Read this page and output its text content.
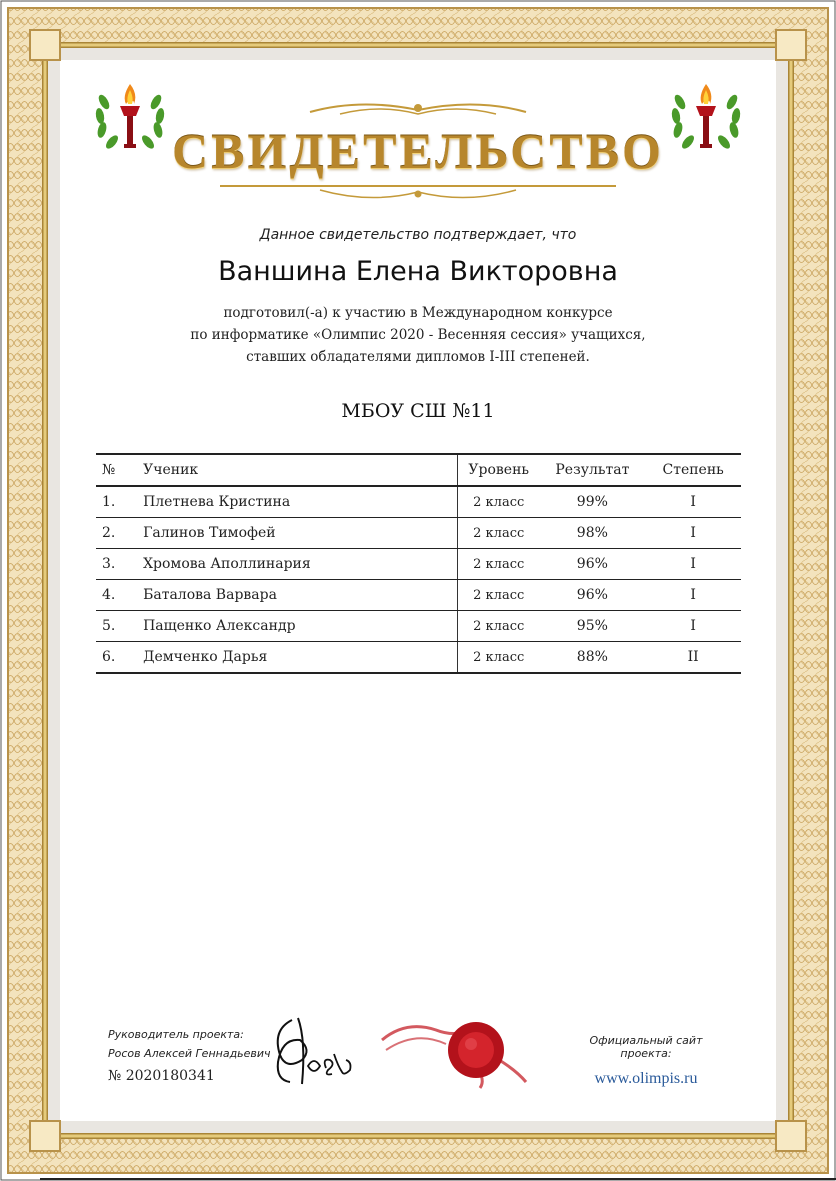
СВИДЕТЕЛЬСТВО
Данное свидетельство подтверждает, что
Ваншина Елена Викторовна
подготовил(-а) к участию в Международном конкурсе
по информатике «Олимпис 2020 - Весенняя сессия» учащихся,
ставших обладателями дипломов I-III степеней.
МБОУ СШ №11
№	Ученик	Уровень	Результат	Степень
1.	Плетнева Кристина	2 класс	99%	I
2.	Галинов Тимофей	2 класс	98%	I
3.	Хромова Аполлинария	2 класс	96%	I
4.	Баталова Варвара	2 класс	96%	I
5.	Пащенко Александр	2 класс	95%	I
6.	Демченко Дарья	2 класс	88%	II
Руководитель проекта:
Росов Алексей Геннадьевич
№ 2020180341
Официальный сайт проекта:
www.olimpis.ru
